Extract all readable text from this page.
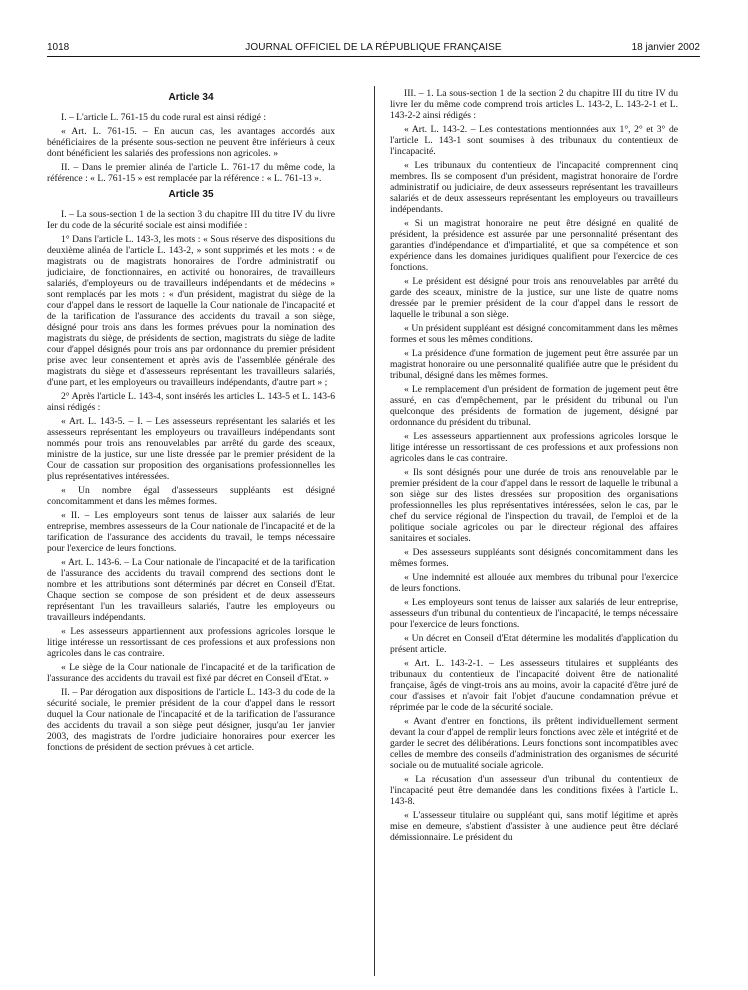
1018	JOURNAL OFFICIEL DE LA RÉPUBLIQUE FRANÇAISE	18 janvier 2002
Article 34

I. – L'article L. 761-15 du code rural est ainsi rédigé :

« Art. L. 761-15. – En aucun cas, les avantages accordés aux bénéficiaires de la présente sous-section ne peuvent être inférieurs à ceux dont bénéficient les salariés des professions non agricoles. »

II. – Dans le premier alinéa de l'article L. 761-17 du même code, la référence : « L. 761-15 » est remplacée par la référence : « L. 761-13 ».

Article 35

I. – La sous-section 1 de la section 3 du chapitre III du titre IV du livre Ier du code de la sécurité sociale est ainsi modifiée :

1° Dans l'article L. 143-3, les mots : « Sous réserve des dispositions du deuxième alinéa de l'article L. 143-2, » sont supprimés et les mots : « de magistrats ou de magistrats honoraires de l'ordre administratif ou judiciaire, de fonctionnaires, en activité ou honoraires, de travailleurs salariés, d'employeurs ou de travailleurs indépendants et de médecins » sont remplacés par les mots : « d'un président, magistrat du siège de la cour d'appel dans le ressort de laquelle la Cour nationale de l'incapacité et de la tarification de l'assurance des accidents du travail a son siège, désigné pour trois ans dans les formes prévues pour la nomination des magistrats du siège, de présidents de section, magistrats du siège de ladite cour d'appel désignés pour trois ans par ordonnance du premier président prise avec leur consentement et après avis de l'assemblée générale des magistrats du siège et d'assesseurs représentant les travailleurs salariés, d'une part, et les employeurs ou travailleurs indépendants, d'autre part » ;

2° Après l'article L. 143-4, sont insérés les articles L. 143-5 et L. 143-6 ainsi rédigés :

« Art. L. 143-5. – I. – Les assesseurs représentant les salariés et les assesseurs représentant les employeurs ou travailleurs indépendants sont nommés pour trois ans renouvelables par arrêté du garde des sceaux, ministre de la justice, sur une liste dressée par le premier président de la Cour de cassation sur proposition des organisations professionnelles les plus représentatives intéressées.

« Un nombre égal d'assesseurs suppléants est désigné concomitamment et dans les mêmes formes.

« II. – Les employeurs sont tenus de laisser aux salariés de leur entreprise, membres assesseurs de la Cour nationale de l'incapacité et de la tarification de l'assurance des accidents du travail, le temps nécessaire pour l'exercice de leurs fonctions.

« Art. L. 143-6. – La Cour nationale de l'incapacité et de la tarification de l'assurance des accidents du travail comprend des sections dont le nombre et les attributions sont déterminés par décret en Conseil d'Etat. Chaque section se compose de son président et de deux assesseurs représentant l'un les travailleurs salariés, l'autre les employeurs ou travailleurs indépendants.

« Les assesseurs appartiennent aux professions agricoles lorsque le litige intéresse un ressortissant de ces professions et aux professions non agricoles dans le cas contraire.

« Le siège de la Cour nationale de l'incapacité et de la tarification de l'assurance des accidents du travail est fixé par décret en Conseil d'Etat. »

II. – Par dérogation aux dispositions de l'article L. 143-3 du code de la sécurité sociale, le premier président de la cour d'appel dans le ressort duquel la Cour nationale de l'incapacité et de la tarification de l'assurance des accidents du travail a son siège peut désigner, jusqu'au 1er janvier 2003, des magistrats de l'ordre judiciaire honoraires pour exercer les fonctions de président de section prévues à cet article.

III. – 1. La sous-section 1 de la section 2 du chapitre III du titre IV du livre Ier du même code comprend trois articles L. 143-2, L. 143-2-1 et L. 143-2-2 ainsi rédigés :

« Art. L. 143-2. – Les contestations mentionnées aux 1°, 2° et 3° de l'article L. 143-1 sont soumises à des tribunaux du contentieux de l'incapacité.

« Les tribunaux du contentieux de l'incapacité comprennent cinq membres. Ils se composent d'un président, magistrat honoraire de l'ordre administratif ou judiciaire, de deux assesseurs représentant les travailleurs salariés et de deux assesseurs représentant les employeurs ou travailleurs indépendants.

« Si un magistrat honoraire ne peut être désigné en qualité de président, la présidence est assurée par une personnalité présentant des garanties d'indépendance et d'impartialité, et que sa compétence et son expérience dans les domaines juridiques qualifient pour l'exercice de ces fonctions.

« Le président est désigné pour trois ans renouvelables par arrêté du garde des sceaux, ministre de la justice, sur une liste de quatre noms dressée par le premier président de la cour d'appel dans le ressort de laquelle le tribunal a son siège.

« Un président suppléant est désigné concomitamment dans les mêmes formes et sous les mêmes conditions.

« La présidence d'une formation de jugement peut être assurée par un magistrat honoraire ou une personnalité qualifiée autre que le président du tribunal, désigné dans les mêmes formes.

« Le remplacement d'un président de formation de jugement peut être assuré, en cas d'empêchement, par le président du tribunal ou l'un quelconque des présidents de formation de jugement, désigné par ordonnance du président du tribunal.

« Les assesseurs appartiennent aux professions agricoles lorsque le litige intéresse un ressortissant de ces professions et aux professions non agricoles dans le cas contraire.

« Ils sont désignés pour une durée de trois ans renouvelable par le premier président de la cour d'appel dans le ressort de laquelle le tribunal a son siège sur des listes dressées sur proposition des organisations professionnelles les plus représentatives intéressées, selon le cas, par le chef du service régional de l'inspection du travail, de l'emploi et de la politique sociale agricoles ou par le directeur régional des affaires sanitaires et sociales.

« Des assesseurs suppléants sont désignés concomitamment dans les mêmes formes.

« Une indemnité est allouée aux membres du tribunal pour l'exercice de leurs fonctions.

« Les employeurs sont tenus de laisser aux salariés de leur entreprise, assesseurs d'un tribunal du contentieux de l'incapacité, le temps nécessaire pour l'exercice de leurs fonctions.

« Un décret en Conseil d'Etat détermine les modalités d'application du présent article.

« Art. L. 143-2-1. – Les assesseurs titulaires et suppléants des tribunaux du contentieux de l'incapacité doivent être de nationalité française, âgés de vingt-trois ans au moins, avoir la capacité d'être juré de cour d'assises et n'avoir fait l'objet d'aucune condamnation prévue et réprimée par le code de la sécurité sociale.

« Avant d'entrer en fonctions, ils prêtent individuellement serment devant la cour d'appel de remplir leurs fonctions avec zèle et intégrité et de garder le secret des délibérations. Leurs fonctions sont incompatibles avec celles de membre des conseils d'administration des organismes de sécurité sociale ou de mutualité sociale agricole.

« La récusation d'un assesseur d'un tribunal du contentieux de l'incapacité peut être demandée dans les conditions fixées à l'article L. 143-8.

« L'assesseur titulaire ou suppléant qui, sans motif légitime et après mise en demeure, s'abstient d'assister à une audience peut être déclaré démissionnaire. Le président du
